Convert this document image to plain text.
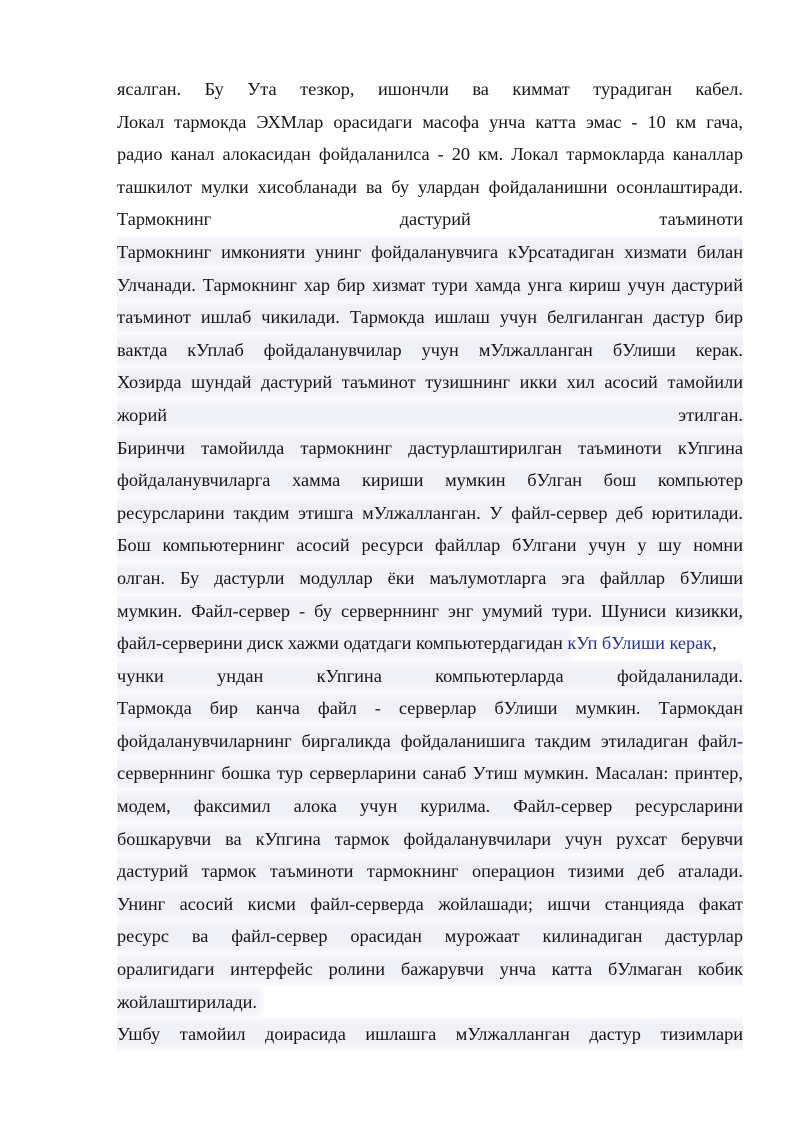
ясалган. Бу Ута тезкор, ишончли ва киммат турадиган кабел.
Локал тармокда ЭХМлар орасидаги масофа унча катта эмас - 10 км гача,
радио канал алокасидан фойдаланилса - 20 км. Локал тармокларда каналлар
ташкилот мулки хисобланади ва бу улардан фойдаланишни осонлаштиради.
Тармокнинг дастурий таъминоти
Тармокнинг имконияти унинг фойдаланувчига кУрсатадиган хизмати билан
Улчанади. Тармокнинг хар бир хизмат тури хамда унга кириш учун дастурий
таъминот ишлаб чикилади. Тармокда ишлаш учун белгиланган дастур бир
вактда кУплаб фойдаланувчилар учун мУлжалланган бУлиши керак.
Хозирда шундай дастурий таъминот тузишнинг икки хил асосий тамойили
жорий этилган.
Биринчи тамойилда тармокнинг дастурлаштирилган таъминоти кУпгина
фойдаланувчиларга хамма кириши мумкин бУлган бош компьютер
ресурсларини такдим этишга мУлжалланган. У файл-сервер деб юритилади.
Бош компьютернинг асосий ресурси файллар бУлгани учун у шу номни
олган. Бу дастурли модуллар ёки маълумотларга эга файллар бУлиши
мумкин. Файл-сервер - бу серверннинг энг умумий тури. Шуниси кизикки,
файл-серверини диск хажми одатдаги компьютердагидан кУп бУлиши керак,
чунки ундан кУпгина компьютерларда фойдаланилади.
Тармокда бир канча файл - серверлар бУлиши мумкин. Тармокдан
фойдаланувчиларнинг биргаликда фойдаланишига такдим этиладиган файл-
серверннинг бошка тур серверларини санаб Утиш мумкин. Масалан: принтер,
модем, факсимил алока учун курилма. Файл-сервер ресурсларини
бошкарувчи ва кУпгина тармок фойдаланувчилари учун рухсат берувчи
дастурий тармок таъминоти тармокнинг операцион тизими деб аталади.
Унинг асосий кисми файл-серверда жойлашади; ишчи станцияда факат
ресурс ва файл-сервер орасидан мурожаат килинадиган дастурлар
оралигидаги интерфейс ролини бажарувчи унча катта бУлмаган кобик
жойлаштирилади.
Ушбу тамойил доирасида ишлашга мУлжалланган дастур тизимлари
